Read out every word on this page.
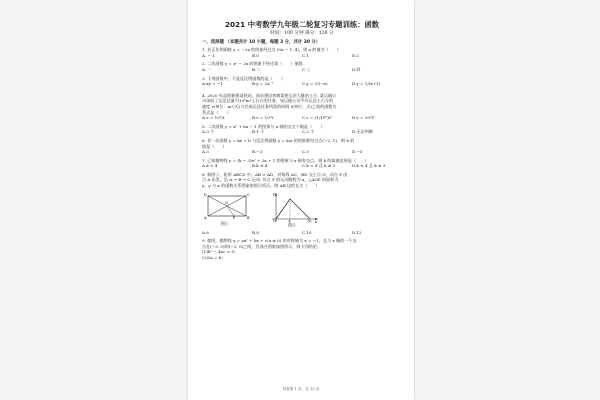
2021 中考数学九年级二轮复习专题训练：函数
时间：100 分钟 满分：120 分
一、选择题 （本题共计 10 小题，每题 3 分，共计 30 分）

1. 若正比例函数 y = −2x 的图象经过点 (0a − 1, 4)，则 a 的值为（　　）

A. − 1	B.0	C.1	D.2

2. 二次函数 y = x² − 2x 的图象不经过第（　　）象限.

A. 一	B.二	C.三	D.四

3. 下列函数中，不是反比例函数的是（　　）

A.xy = −1	B.y = 2x⁻¹	C.y = 2/(−x)	D.y = 1/(x+1)

4. 2020 年益阳新建高铁站，该站建设初期需要运送大量的土方. 某运输公

司承担了运送总量为10⁶m³土石方的任务，该运输公司平均运送土石方的

速度 v(单位：m³/天)与完成运送任务所需的时间 t(单位：天)之间的函数关

系式是（　　）

A.v = 10⁶/t	B.v = 10⁶t	C.v = (1/10⁶)t²	D.v = 10⁶t²

5. 二次函数 y = x² + bx − 1 的图象与 x 轴的交点个数是（　　）

A.0 个	B.1 个	C.2 个	D.无法判断

6. 若一次函数 y = kx + b 与反比例函数 y = k/x 的图象都经过点(−2, 1)，则 b 的

值是（　　）

A.3	B.−3	C.5	D.−5

7. 已知抛物线 y = (k − 3)x² + 2x + 1 的图象与 x 轴有交点，则 k 的取值范围是（　　）

A.k < 4	B.k ≤ 4	C.k < 4 且 k ≠ 3	D.k ≤ 4 且 k ≠ 3

8. 如图①，矩形 ABCD 中，AB > AD，对角线 AC、BD 交于点 O，动点 P 由

点 A 出发，沿 A → B → C 运动. 设点 P 的运动路程为 x，△AOP 的面积为

y，y 与 x 的函数关系图象如图②所示，则 AB 边的长为（　　）

D	C
O
A	B
P
图①
y
O	4	10 x
图②
A.6	B.8	C.10	D.12

9. 如图，抛物线 y = ax² + bx + c(a ≠ 0) 的对称轴为 x = −1，且与 x 轴的一个交

点在(−3, 0)和(−2, 0)之间，其部分图象如图所示，则下列结论：

(1)b² − 4ac > 0；

(2)2a = b；

试卷第 1 页，总 12 页
